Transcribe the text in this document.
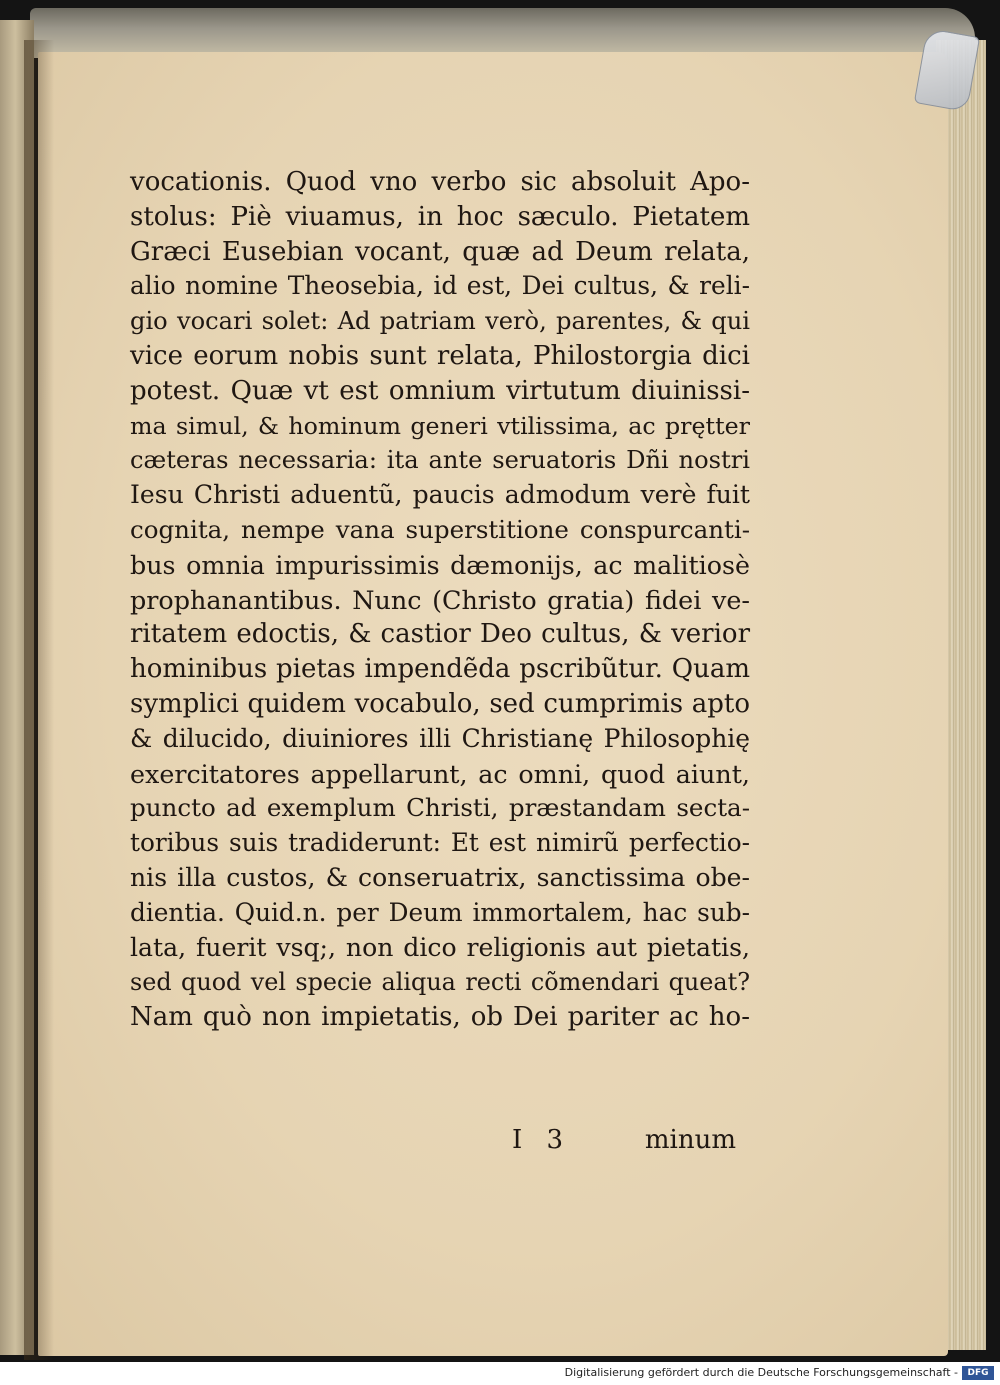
vocationis. Quod vno verbo sic absoluit Apo-
stolus: Piè viuamus, in hoc sæculo. Pietatem
Græci Eusebian vocant, quæ ad Deum relata,
alio nomine Theosebia, id est, Dei cultus, & reli-
gio vocari solet: Ad patriam verò, parentes, & qui
vice eorum nobis sunt relata, Philostorgia dici
potest. Quæ vt est omnium virtutum diuinissi-
ma simul, & hominum generi vtilissima, ac prętter
cæteras necessaria: ita ante seruatoris Dñi nostri
Iesu Christi aduentũ, paucis admodum verè fuit
cognita, nempe vana superstitione conspurcanti-
bus omnia impurissimis dæmonijs, ac malitiosè
prophanantibus. Nunc (Christo gratia) fidei ve-
ritatem edoctis, & castior Deo cultus, & verior
hominibus pietas impendẽda pscribũtur. Quam
symplici quidem vocabulo, sed cumprimis apto
& dilucido, diuiniores illi Christianę Philosophię
exercitatores appellarunt, ac omni, quod aiunt,
puncto ad exemplum Christi, præstandam secta-
toribus suis tradiderunt: Et est nimirũ perfectio-
nis illa custos, & conseruatrix, sanctissima obe-
dientia. Quid.n. per Deum immortalem, hac sub-
lata, fuerit vsq;, non dico religionis aut pietatis,
sed quod vel specie aliqua recti cõmendari queat?
Nam quò non impietatis, ob Dei pariter ac ho-
I 3	minum
Digitalisierung gefördert durch die Deutsche Forschungsgemeinschaft -	DFG
